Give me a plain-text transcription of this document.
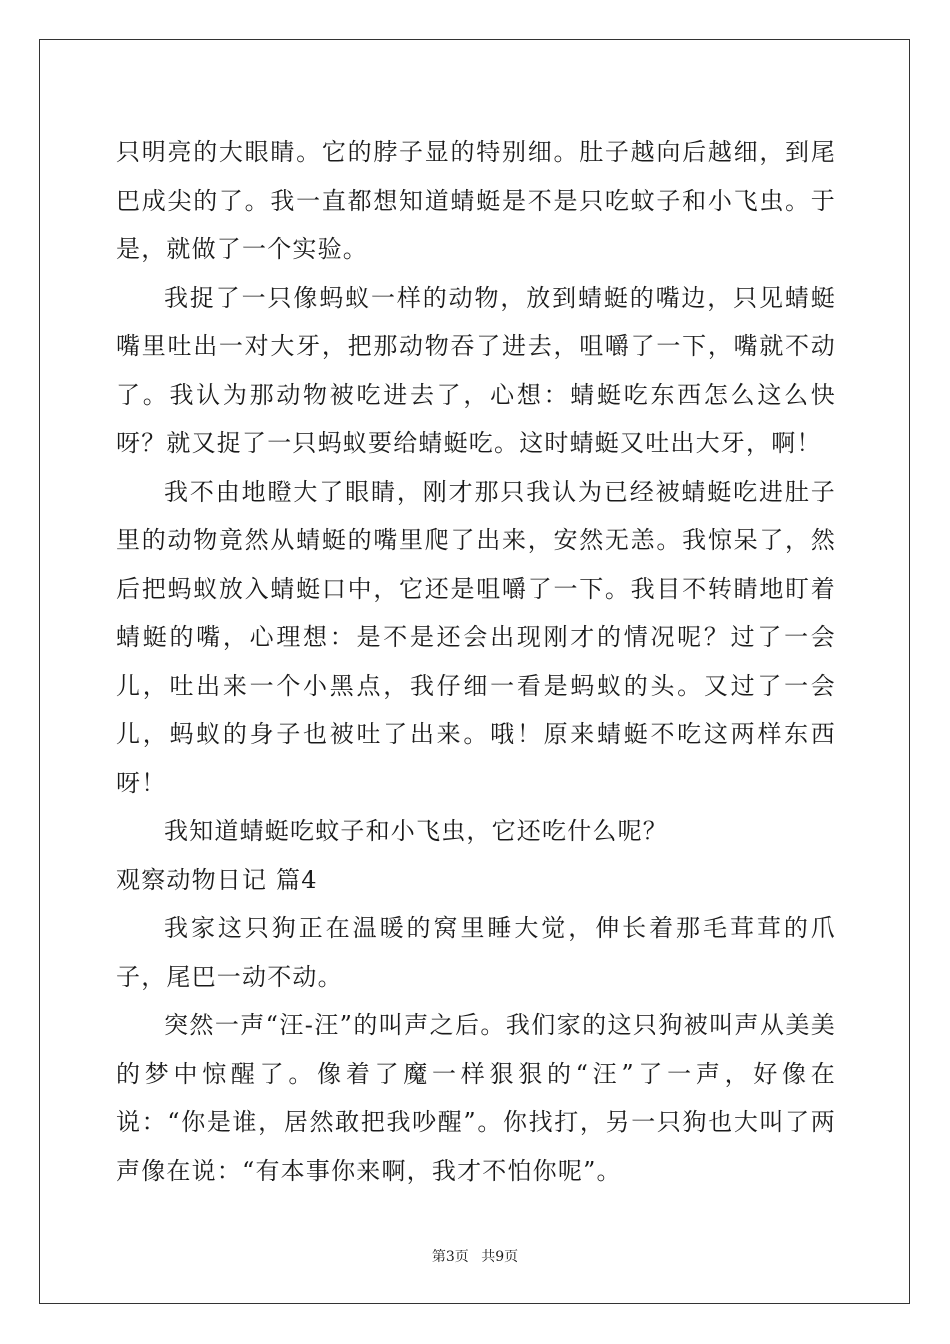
只明亮的大眼睛。它的脖子显的特别细。肚子越向后越细，到尾巴成尖的了。我一直都想知道蜻蜓是不是只吃蚊子和小飞虫。于是，就做了一个实验。

我捉了一只像蚂蚁一样的动物，放到蜻蜓的嘴边，只见蜻蜓嘴里吐出一对大牙，把那动物吞了进去，咀嚼了一下，嘴就不动了。我认为那动物被吃进去了，心想：蜻蜓吃东西怎么这么快呀？就又捉了一只蚂蚁要给蜻蜓吃。这时蜻蜓又吐出大牙，啊！

我不由地瞪大了眼睛，刚才那只我认为已经被蜻蜓吃进肚子里的动物竟然从蜻蜓的嘴里爬了出来，安然无恙。我惊呆了，然后把蚂蚁放入蜻蜓口中，它还是咀嚼了一下。我目不转睛地盯着蜻蜓的嘴，心理想：是不是还会出现刚才的情况呢？过了一会儿，吐出来一个小黑点，我仔细一看是蚂蚁的头。又过了一会儿，蚂蚁的身子也被吐了出来。哦！原来蜻蜓不吃这两样东西呀！

我知道蜻蜓吃蚊子和小飞虫，它还吃什么呢？

观察动物日记 篇4

我家这只狗正在温暖的窝里睡大觉，伸长着那毛茸茸的爪子，尾巴一动不动。

突然一声“汪-汪”的叫声之后。我们家的这只狗被叫声从美美的梦中惊醒了。像着了魔一样狠狠的“汪”了一声，好像在说：“你是谁，居然敢把我吵醒”。你找打，另一只狗也大叫了两声像在说：“有本事你来啊，我才不怕你呢”。

第3页 共9页
